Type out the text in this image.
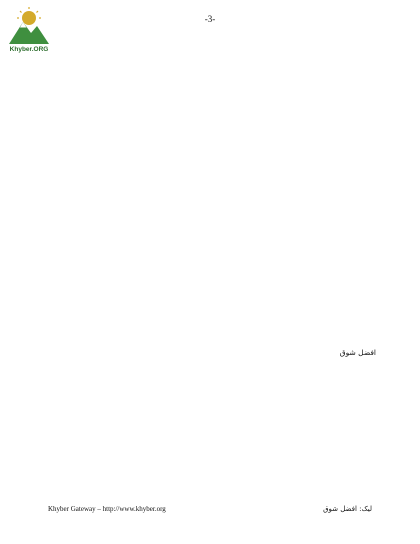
Khyber.ORG
-3-

افضل شوق
Khyber Gateway – http://www.khyber.org	ليک: افضل شوق
